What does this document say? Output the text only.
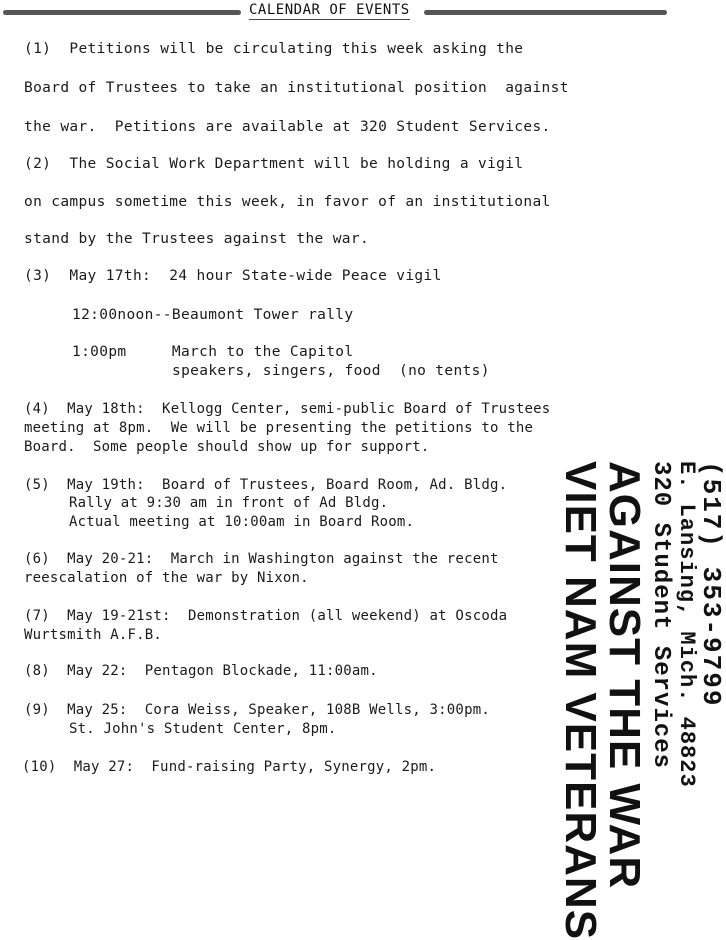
CALENDAR OF EVENTS
(1)  Petitions will be circulating this week asking the
Board of Trustees to take an institutional position  against
the war.  Petitions are available at 320 Student Services.
(2)  The Social Work Department will be holding a vigil
on campus sometime this week, in favor of an institutional
stand by the Trustees against the war.
(3)  May 17th:  24 hour State-wide Peace vigil
12:00noon--Beaumont Tower rally
1:00pm     March to the Capitol
speakers, singers, food  (no tents)
(4)  May 18th:  Kellogg Center, semi-public Board of Trustees
meeting at 8pm.  We will be presenting the petitions to the
Board.  Some people should show up for support.
(5)  May 19th:  Board of Trustees, Board Room, Ad. Bldg.
Rally at 9:30 am in front of Ad Bldg.
Actual meeting at 10:00am in Board Room.
(6)  May 20-21:  March in Washington against the recent
reescalation of the war by Nixon.
(7)  May 19-21st:  Demonstration (all weekend) at Oscoda
Wurtsmith A.F.B.
(8)  May 22:  Pentagon Blockade, 11:00am.
(9)  May 25:  Cora Weiss, Speaker, 108B Wells, 3:00pm.
St. John's Student Center, 8pm.
(10)  May 27:  Fund-raising Party, Synergy, 2pm.	VIET NAM VETERANS
AGAINST THE WAR
320 Student Services E. Lansing, Mich. 48823
(517) 353-9799
